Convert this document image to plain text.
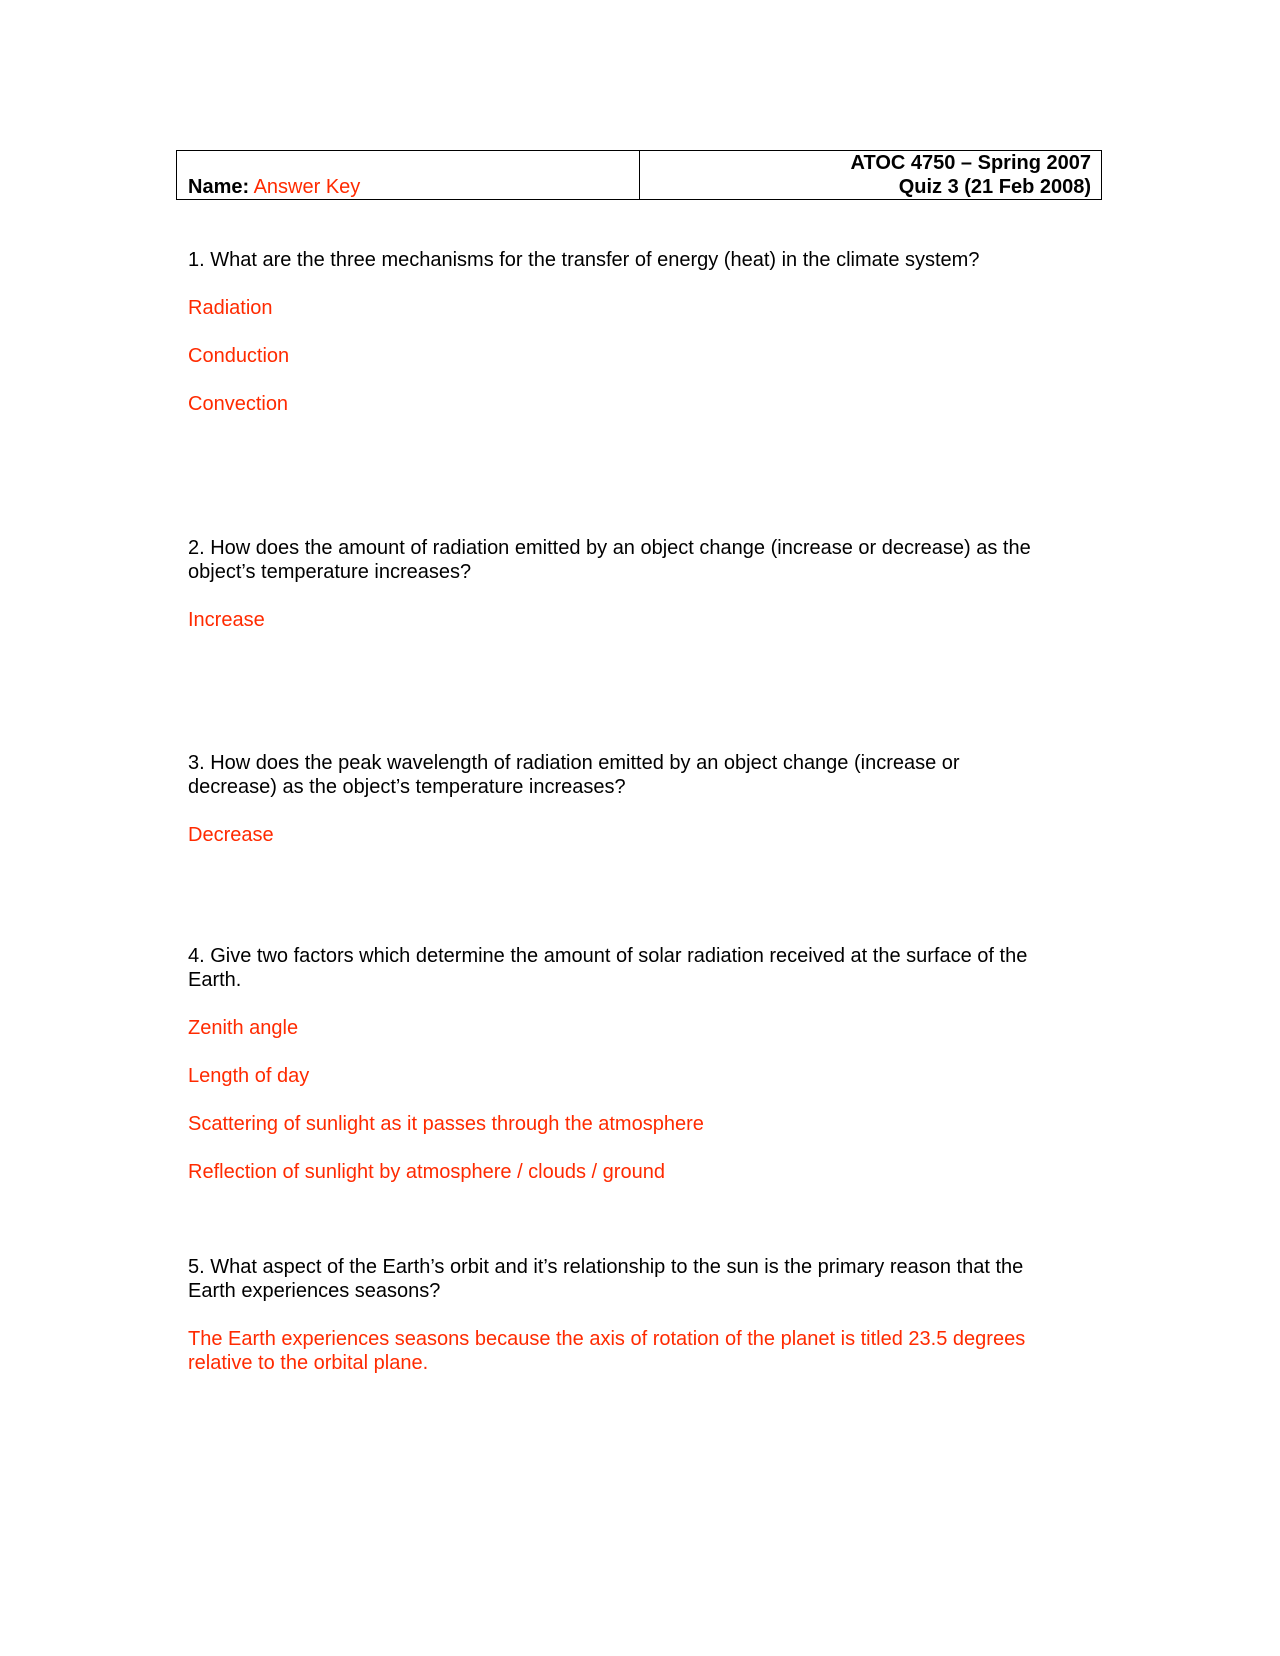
Name: Answer Key
ATOC 4750 – Spring 2007
Quiz 3 (21 Feb 2008)
1. What are the three mechanisms for the transfer of energy (heat) in the climate system?
Radiation
Conduction
Convection
2. How does the amount of radiation emitted by an object change (increase or decrease) as the
object’s temperature increases?
Increase
3. How does the peak wavelength of radiation emitted by an object change (increase or
decrease) as the object’s temperature increases?
Decrease
4. Give two factors which determine the amount of solar radiation received at the surface of the
Earth.
Zenith angle
Length of day
Scattering of sunlight as it passes through the atmosphere
Reflection of sunlight by atmosphere / clouds / ground
5. What aspect of the Earth’s orbit and it’s relationship to the sun is the primary reason that the
Earth experiences seasons?
The Earth experiences seasons because the axis of rotation of the planet is titled 23.5 degrees
relative to the orbital plane.
